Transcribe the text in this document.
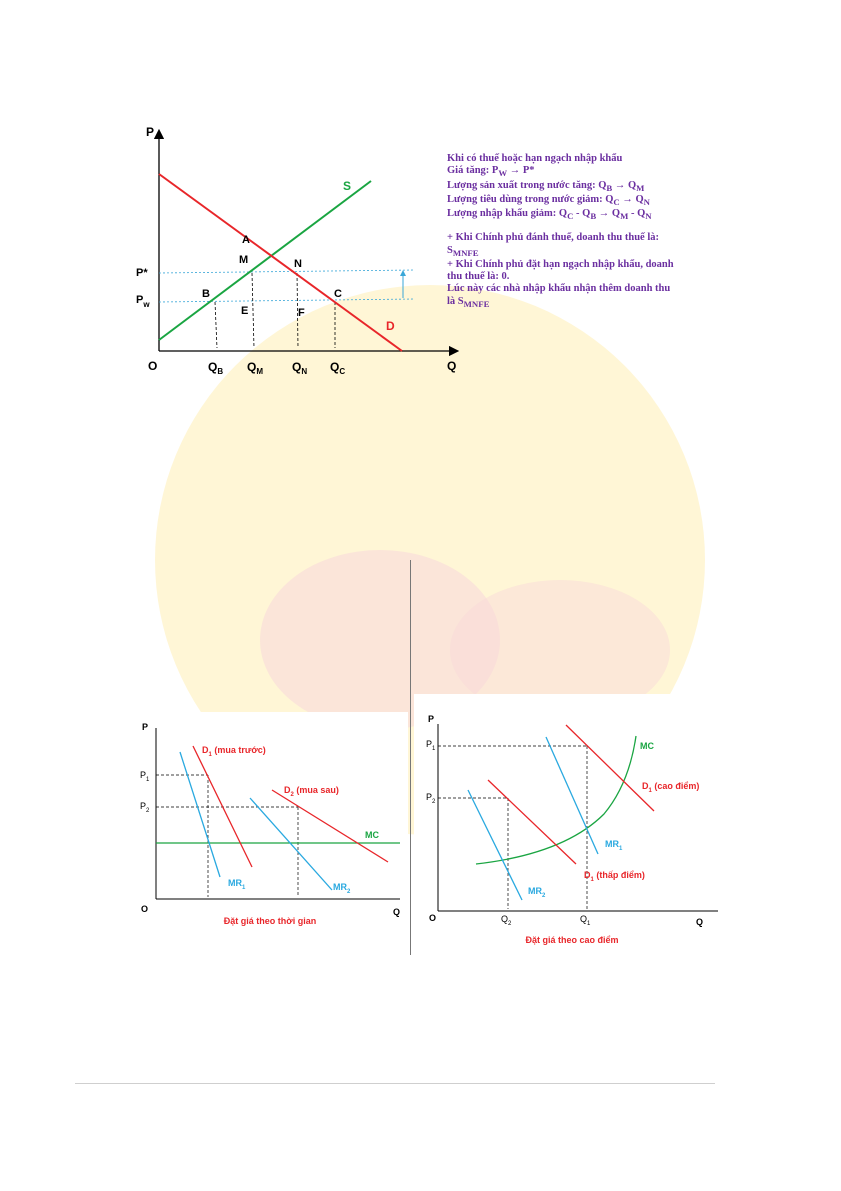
P
Q
O
S
D
A
M	N
B	C
E	F
P*
$P_w$
$Q_B$ $Q_M$ $Q_N$ $Q_C$
Khi có thuế hoặc hạn ngạch nhập khẩu
Giá tăng: $P_W \to P*$
Lượng sản xuất trong nước tăng: $Q_B \to Q_M$
Lượng tiêu dùng trong nước giảm: $Q_C \to Q_N$
Lượng nhập khẩu giảm: $Q_C - Q_B \to Q_M - Q_N$
+ Khi Chính phủ đánh thuế, doanh thu thuế là:
$S_{MNFE}$
+ Khi Chính phủ đặt hạn ngạch nhập khẩu, doanh
thu thuế là: 0.
Lúc này các nhà nhập khẩu nhận thêm doanh thu
là $S_{MNFE}$
P
Q
O
$P_1$
$P_2$
$D_1$ (mua trước)
$D_2$ (mua sau)
MC
$MR_1$	$MR_2$
Đặt giá theo thời gian
P
Q
O
$P_1$
$P_2$
$Q_2$	$Q_1$
MC
$D_1$ (cao điểm)
$MR_1$
$D_1$ (thấp điểm)
$MR_2$
Đặt giá theo cao điểm
